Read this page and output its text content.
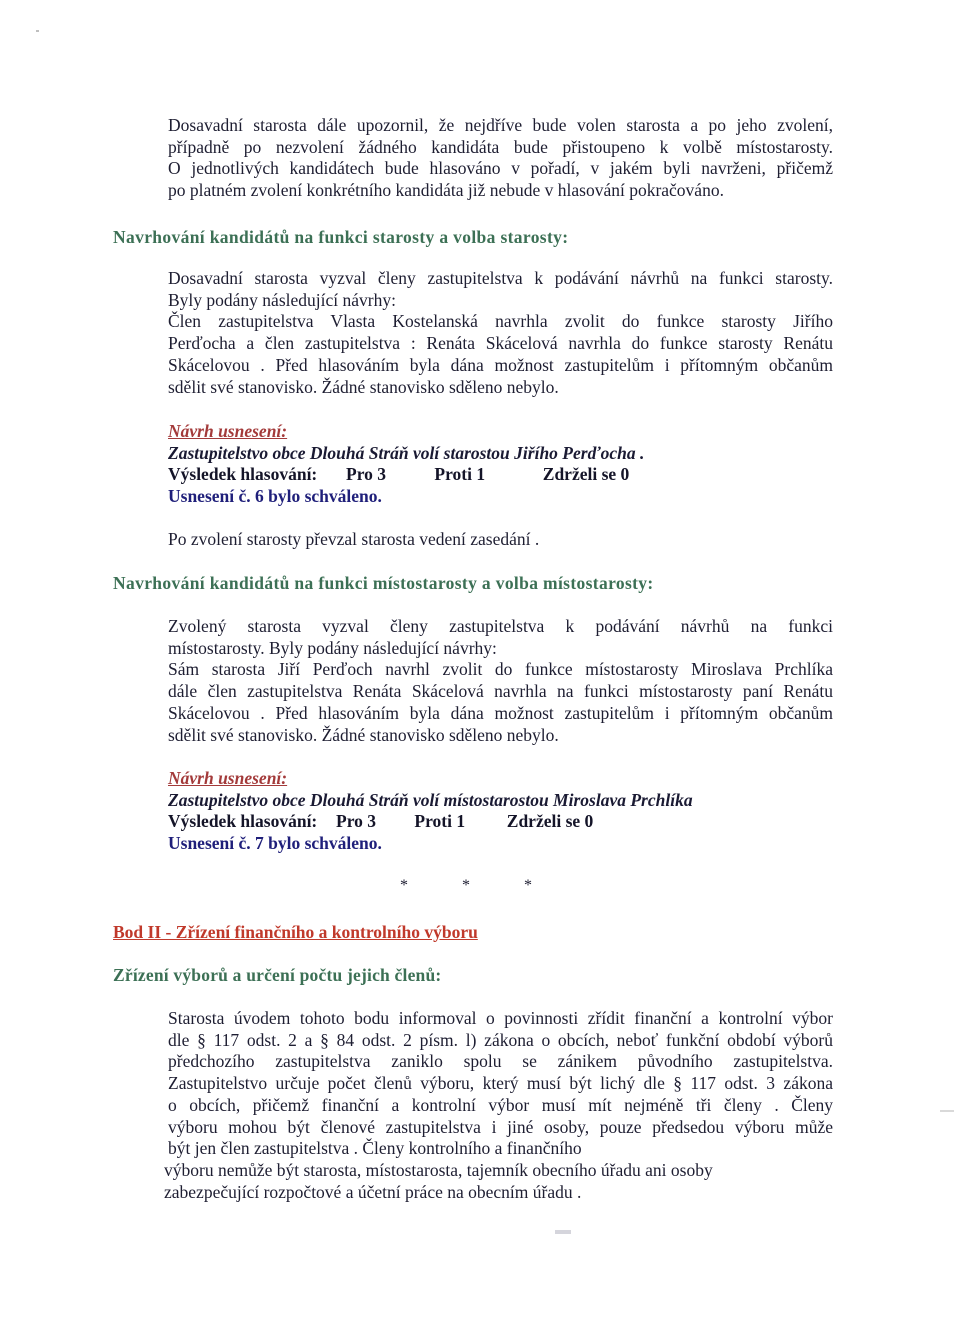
Dosavadní starosta dále upozornil, že nejdříve bude volen starosta a po jeho zvolení,
případně po nezvolení žádného kandidáta bude přistoupeno k volbě místostarosty.
O jednotlivých kandidátech bude hlasováno v pořadí, v jakém byli navrženi, přičemž
po platném zvolení konkrétního kandidáta již nebude v hlasování pokračováno.
Navrhování kandidátů na funkci starosty a volba starosty:
Dosavadní starosta vyzval členy zastupitelstva k podávání návrhů na funkci starosty.
Byly podány následující návrhy:
Člen zastupitelstva Vlasta Kostelanská navrhla zvolit do funkce starosty Jiřího
Perďocha a člen zastupitelstva : Renáta Skácelová navrhla do funkce starosty Renátu
Skácelovou . Před hlasováním byla dána možnost zastupitelům i přítomným občanům
sdělit své stanovisko. Žádné stanovisko sděleno nebylo.
Návrh usnesení:
Zastupitelstvo obce Dlouhá Stráň volí starostou Jiřího Perďocha .
Výsledek hlasování: Pro 3	Proti 1	Zdrželi se 0
Usnesení č. 6 bylo schváleno.
Po zvolení starosty převzal starosta vedení zasedání .
Navrhování kandidátů na funkci místostarosty a volba místostarosty:
Zvolený starosta vyzval členy zastupitelstva k podávání návrhů na funkci
místostarosty. Byly podány následující návrhy:
Sám starosta Jiří Perďoch navrhl zvolit do funkce místostarosty Miroslava Prchlíka
dále člen zastupitelstva Renáta Skácelová navrhla na funkci místostarosty paní Renátu
Skácelovou . Před hlasováním byla dána možnost zastupitelům i přítomným občanům
sdělit své stanovisko. Žádné stanovisko sděleno nebylo.
Návrh usnesení:
Zastupitelstvo obce Dlouhá Stráň volí místostarostou Miroslava Prchlíka
Výsledek hlasování: Pro 3 Proti 1 Zdrželi se 0
Usnesení č. 7 bylo schváleno.
*	*	*
Bod II - Zřízení finančního a kontrolního výboru
Zřízení výborů a určení počtu jejich členů:
Starosta úvodem tohoto bodu informoval o povinnosti zřídit finanční a kontrolní výbor
dle § 117 odst. 2 a § 84 odst. 2 písm. l) zákona o obcích, neboť funkční období výborů
předchozího zastupitelstva zaniklo spolu se zánikem původního zastupitelstva.
Zastupitelstvo určuje počet členů výboru, který musí být lichý dle § 117 odst. 3 zákona
o obcích, přičemž finanční a kontrolní výbor musí mít nejméně tři členy . Členy
výboru mohou být členové zastupitelstva i jiné osoby, pouze předsedou výboru může
být jen člen zastupitelstva . Členy kontrolního a finančního
výboru nemůže být starosta, místostarosta, tajemník obecního úřadu ani osoby
zabezpečující rozpočtové a účetní práce na obecním úřadu .
